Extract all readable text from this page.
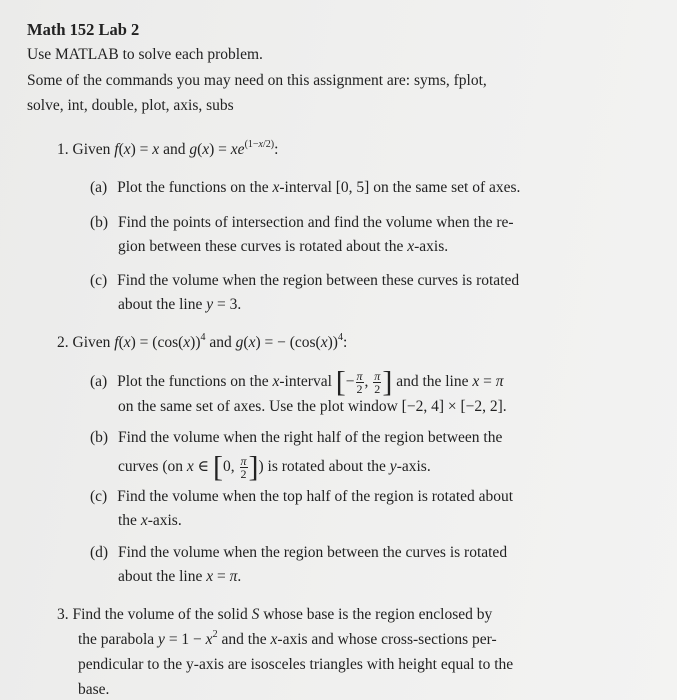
Math 152 Lab 2
Use MATLAB to solve each problem.
Some of the commands you may need on this assignment are: syms, fplot,
solve, int, double, plot, axis, subs
1. Given f(x) = x and $g(x) = xe^{(1-x/2)}$:
(a) Plot the functions on the x-interval [0, 5] on the same set of axes.
(b) Find the points of intersection and find the volume when the re-
gion between these curves is rotated about the x-axis.
(c) Find the volume when the region between these curves is rotated
about the line y = 3.
2. Given $f(x) = (\cos(x))^4$ and g(x) = − $(\cos(x))^4$:
(a) Plot the functions on the x-interval [− $\frac{\pi}{2}$ , $\frac{\pi}{2}$ ] and the line x = π
on the same set of axes. Use the plot window [−2, 4] × [−2, 2].
(b) Find the volume when the right half of the region between the
curves (on x ∈ [0, $\frac{\pi}{2}$ ]) is rotated about the y-axis.
(c) Find the volume when the top half of the region is rotated about
the x-axis.
(d) Find the volume when the region between the curves is rotated
about the line x = π.
3. Find the volume of the solid S whose base is the region enclosed by
the parabola $y = 1 - x^2$ and the x-axis and whose cross-sections per-
pendicular to the y-axis are isosceles triangles with height equal to the
base.
